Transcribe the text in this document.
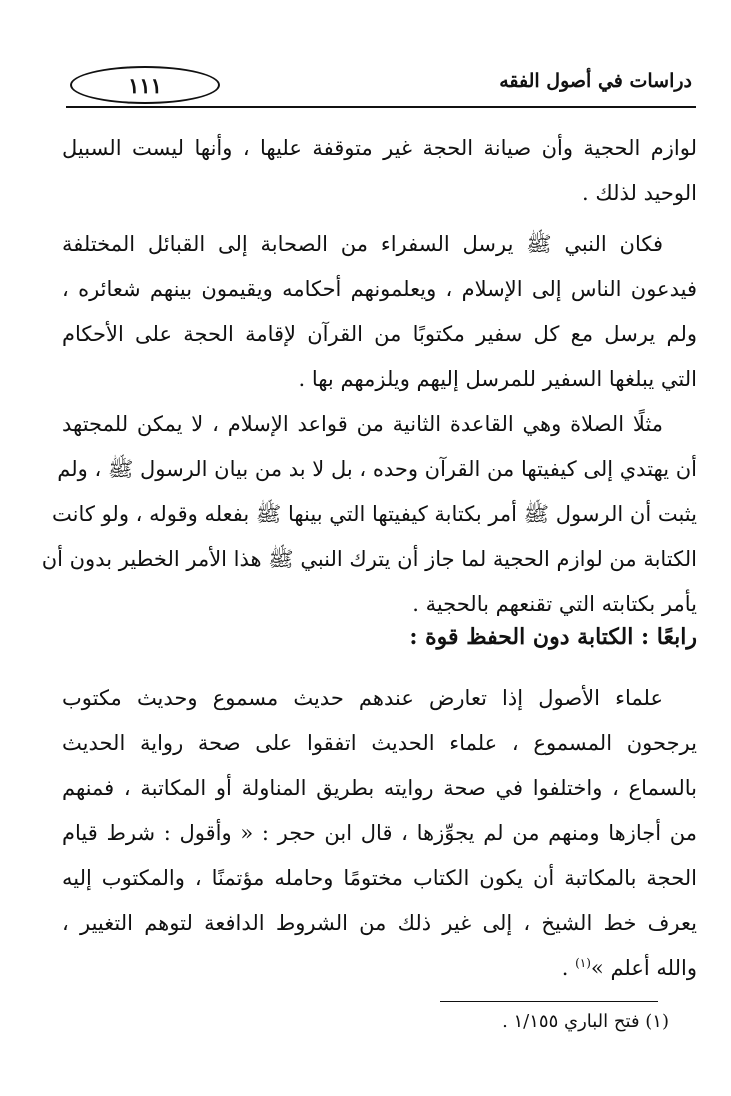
١١١	دراسات في أصول الفقه
لوازم الحجية وأن صيانة الحجة غير متوقفة عليها ، وأنها ليست السبيل
الوحيد لذلك .
فكان النبي ﷺ يرسل السفراء من الصحابة إلى القبائل المختلفة
فيدعون الناس إلى الإسلام ، ويعلمونهم أحكامه ويقيمون بينهم شعائره ،
ولم يرسل مع كل سفير مكتوبًا من القرآن لإقامة الحجة على الأحكام
التي يبلغها السفير للمرسل إليهم ويلزمهم بها .
مثلًا الصلاة وهي القاعدة الثانية من قواعد الإسلام ، لا يمكن للمجتهد
أن يهتدي إلى كيفيتها من القرآن وحده ، بل لا بد من بيان الرسول ﷺ ، ولم
يثبت أن الرسول ﷺ أمر بكتابة كيفيتها التي بينها ﷺ بفعله وقوله ، ولو كانت
الكتابة من لوازم الحجية لما جاز أن يترك النبي ﷺ هذا الأمر الخطير بدون أن
يأمر بكتابته التي تقنعهم بالحجية .
رابعًا : الكتابة دون الحفظ قوة :
علماء الأصول إذا تعارض عندهم حديث مسموع وحديث مكتوب
يرجحون المسموع ، علماء الحديث اتفقوا على صحة رواية الحديث
بالسماع ، واختلفوا في صحة روايته بطريق المناولة أو المكاتبة ، فمنهم
من أجازها ومنهم من لم يجوِّزها ، قال ابن حجر : « وأقول : شرط قيام
الحجة بالمكاتبة أن يكون الكتاب مختومًا وحامله مؤتمنًا ، والمكتوب إليه
يعرف خط الشيخ ، إلى غير ذلك من الشروط الدافعة لتوهم التغيير ،
والله أعلم »$^{(١)}$ .
(١) فتح الباري ١/١٥٥ .
